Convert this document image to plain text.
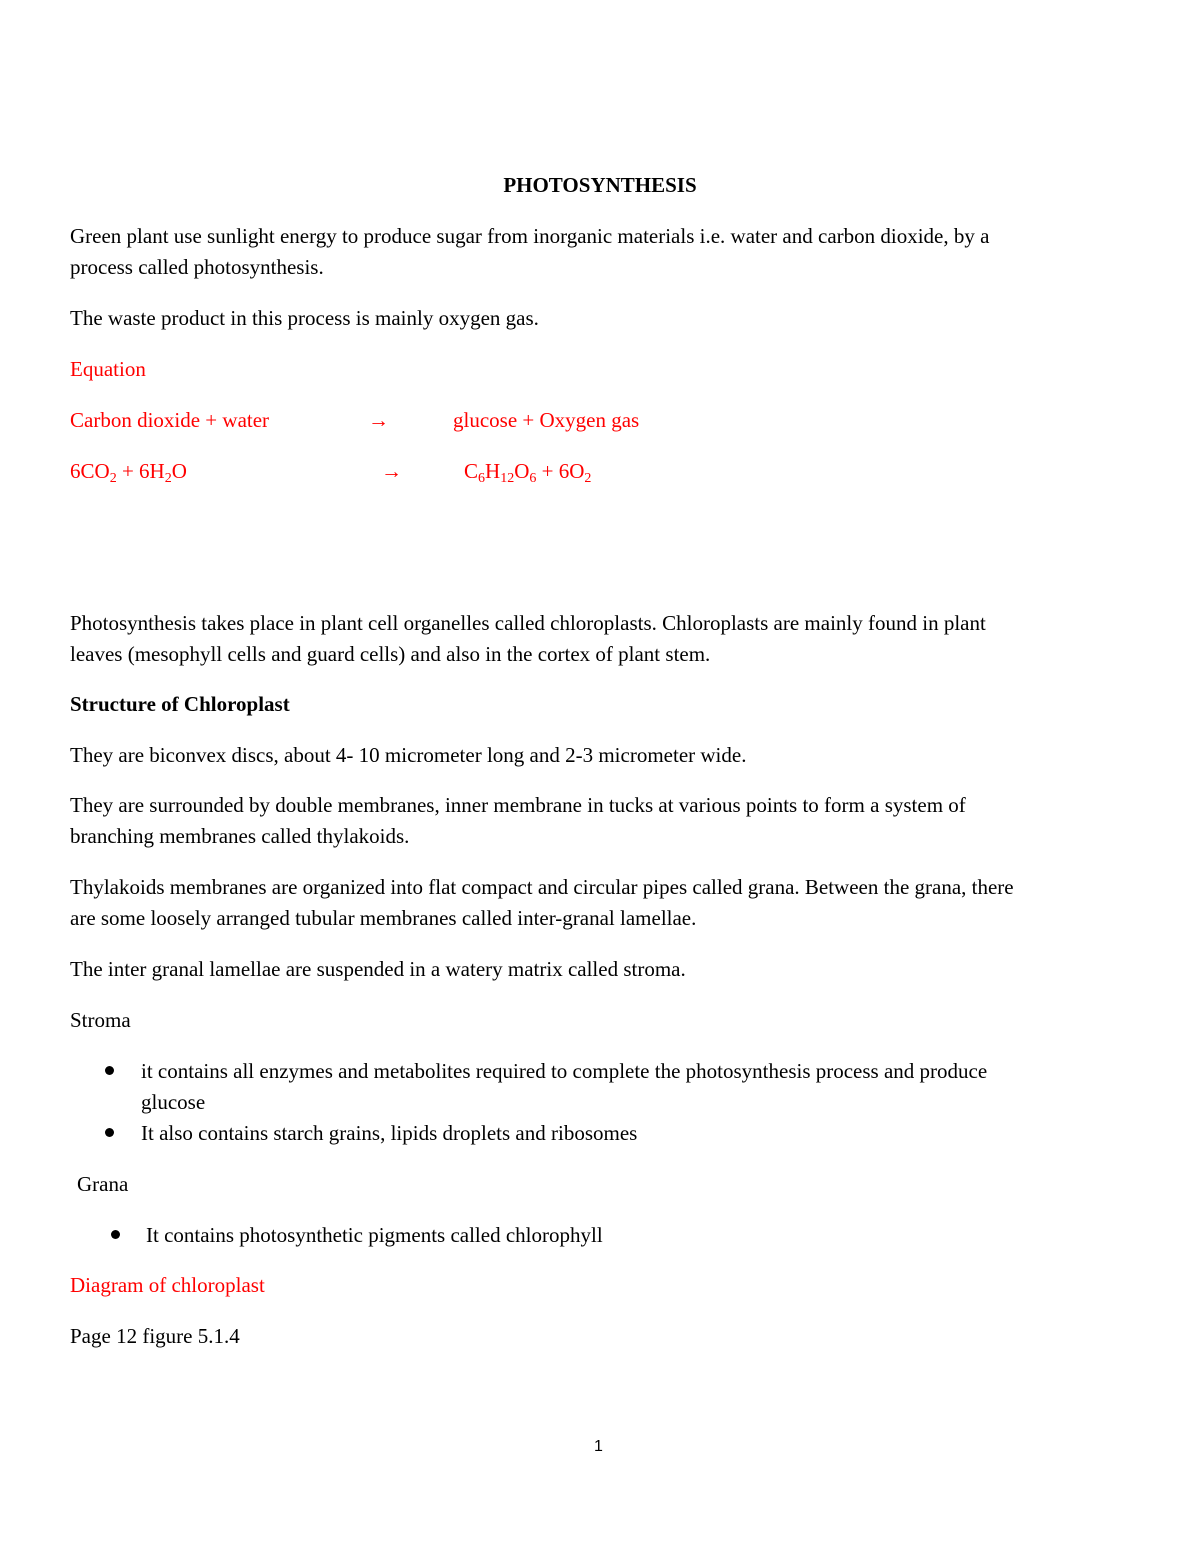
PHOTOSYNTHESIS
Green plant use sunlight energy to produce sugar from inorganic materials i.e. water and carbon dioxide, by a
process called photosynthesis.
The waste product in this process is mainly oxygen gas.
Equation
Carbon dioxide + water	→	glucose + Oxygen gas
$6CO_2 + 6H_2O$	→	$C_6H_{12}O_6 + 6O_2$
Photosynthesis takes place in plant cell organelles called chloroplasts. Chloroplasts are mainly found in plant
leaves (mesophyll cells and guard cells) and also in the cortex of plant stem.
Structure of Chloroplast
They are biconvex discs, about 4- 10 micrometer long and 2-3 micrometer wide.
They are surrounded by double membranes, inner membrane in tucks at various points to form a system of
branching membranes called thylakoids.
Thylakoids membranes are organized into flat compact and circular pipes called grana. Between the grana, there
are some loosely arranged tubular membranes called inter-granal lamellae.
The inter granal lamellae are suspended in a watery matrix called stroma.
Stroma
it contains all enzymes and metabolites required to complete the photosynthesis process and produce
glucose
It also contains starch grains, lipids droplets and ribosomes
Grana
It contains photosynthetic pigments called chlorophyll
Diagram of chloroplast
Page 12 figure 5.1.4
1
